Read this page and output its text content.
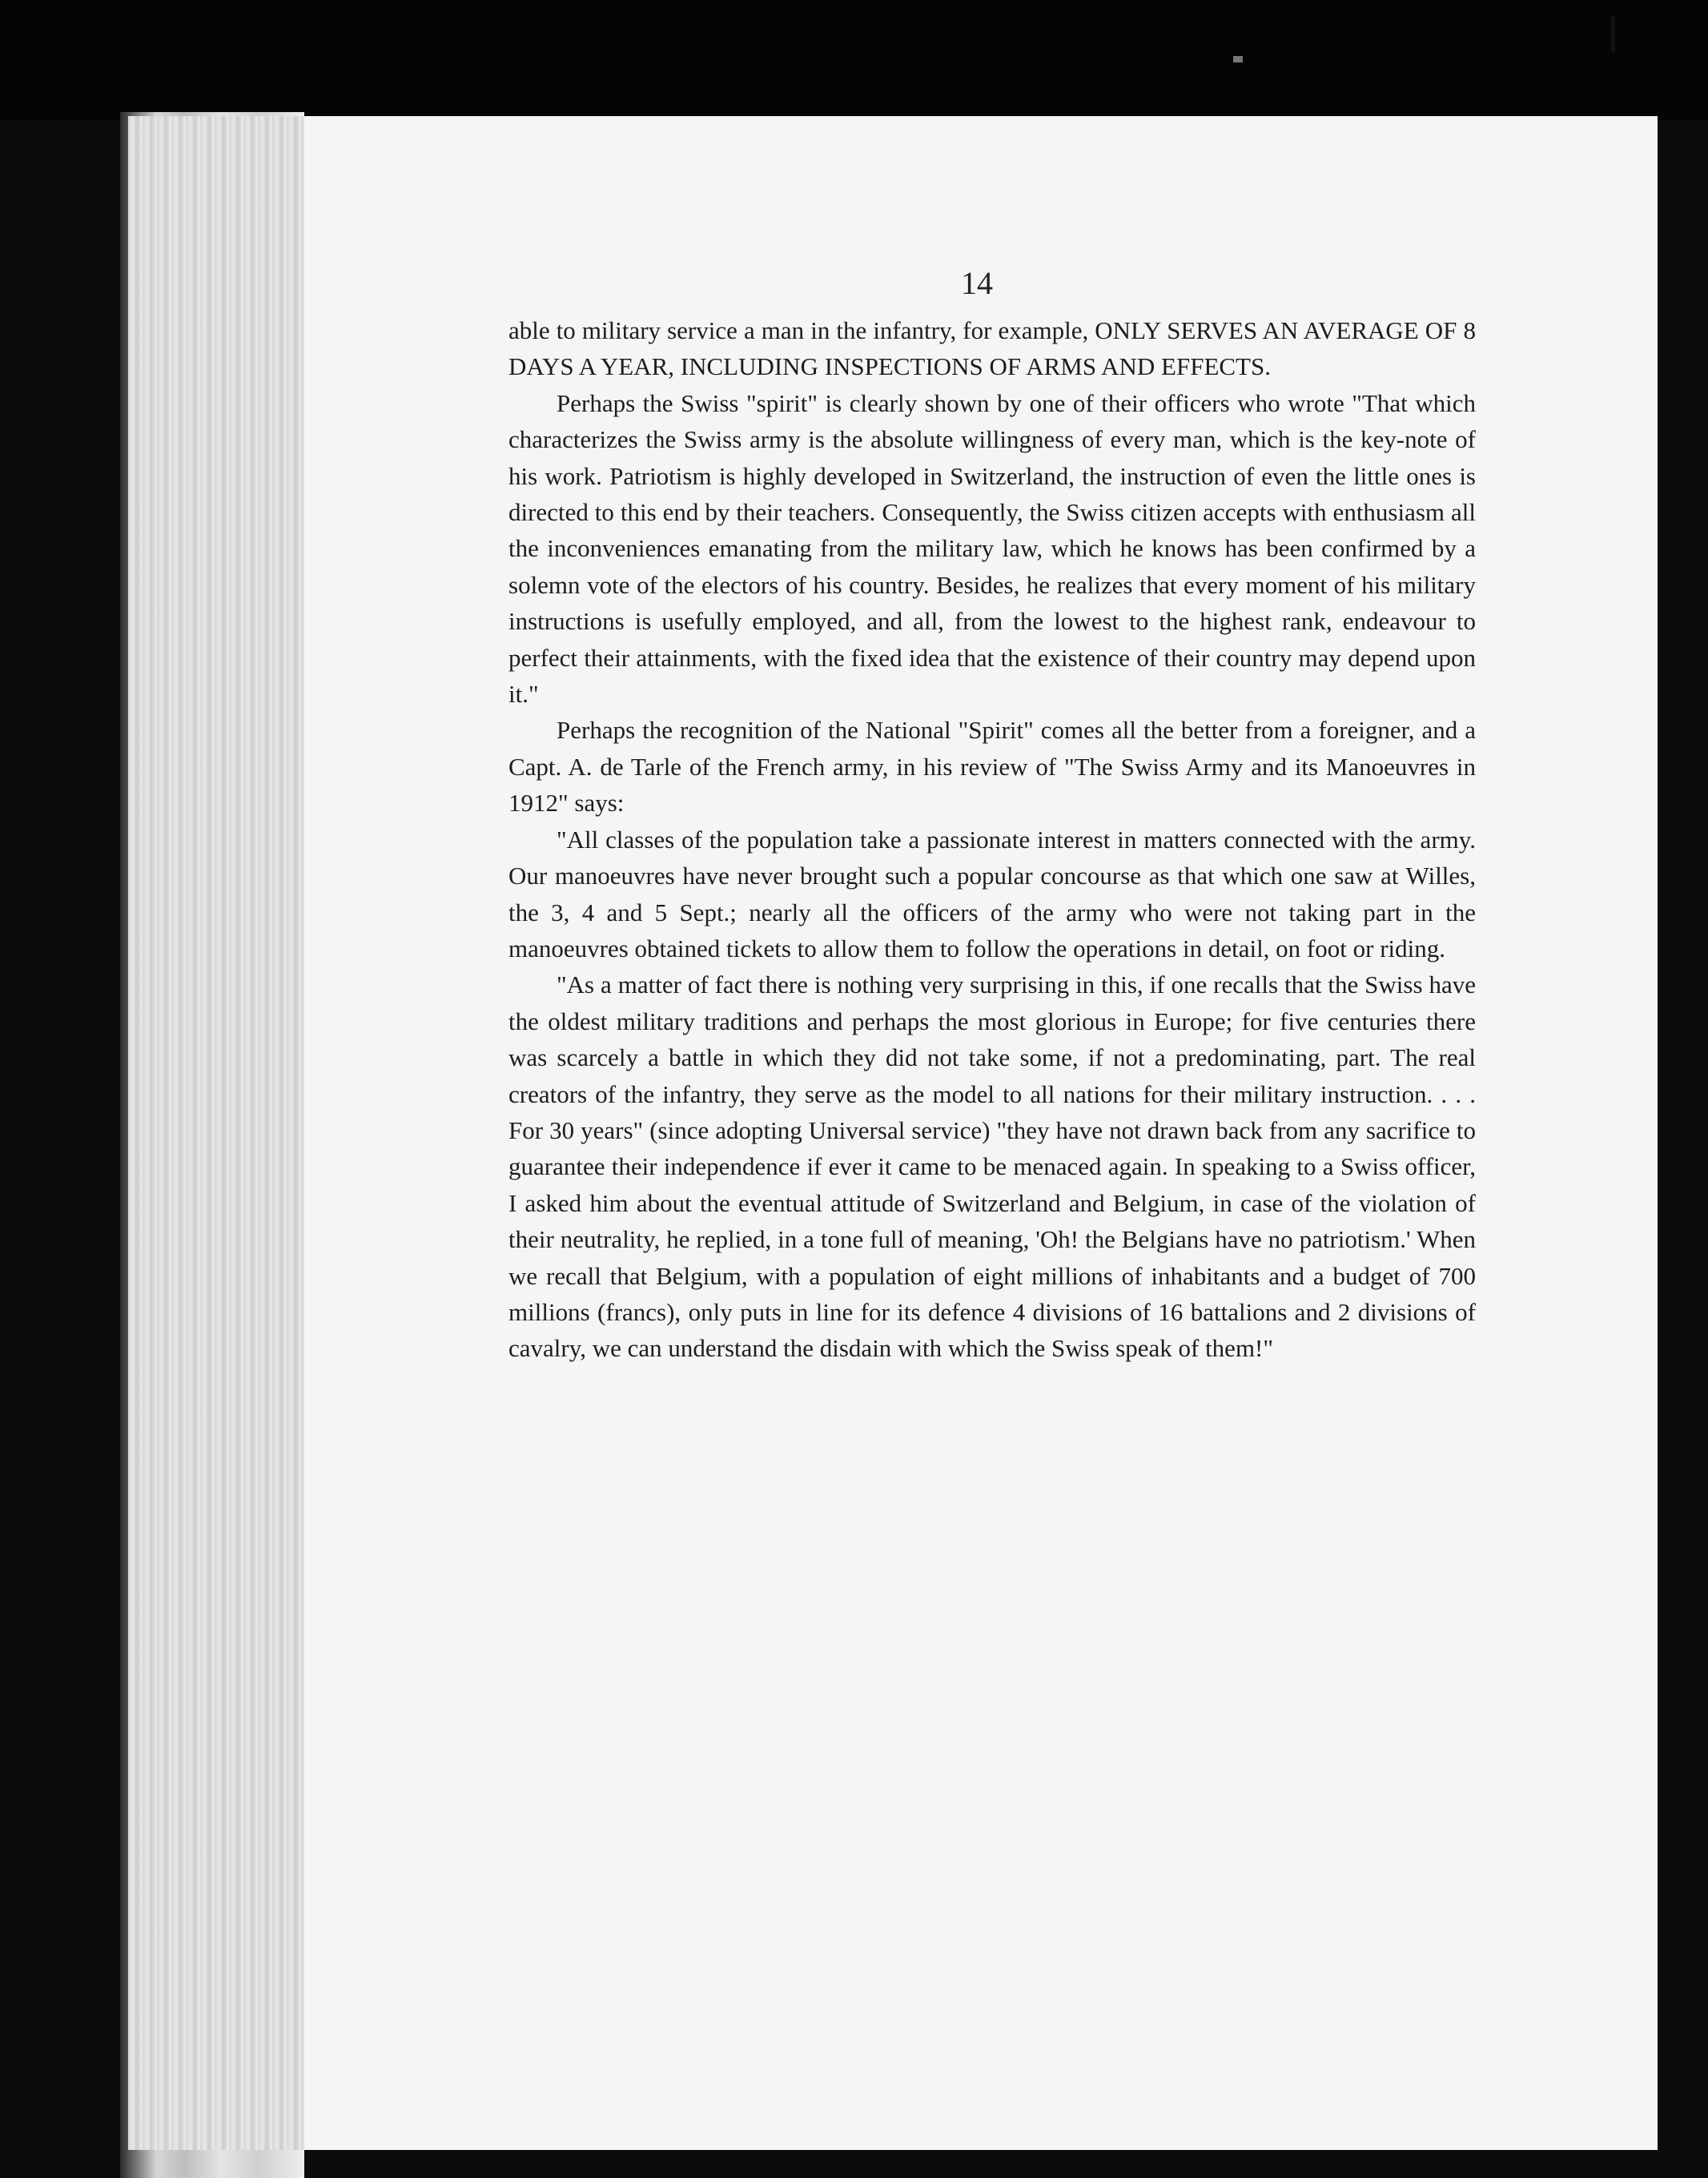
14

able to military service a man in the infantry, for example, ONLY SERVES AN AVERAGE OF 8 DAYS A YEAR, INCLUDING INSPECTIONS OF ARMS AND EFFECTS.

Perhaps the Swiss "spirit" is clearly shown by one of their officers who wrote "That which characterizes the Swiss army is the absolute willingness of every man, which is the key-note of his work. Patriotism is highly developed in Switzerland, the instruction of even the little ones is directed to this end by their teachers. Consequently, the Swiss citizen accepts with enthusiasm all the inconveniences emanating from the military law, which he knows has been confirmed by a solemn vote of the electors of his country. Besides, he realizes that every moment of his military instructions is usefully employed, and all, from the lowest to the highest rank, endeavour to perfect their attainments, with the fixed idea that the existence of their country may depend upon it."

Perhaps the recognition of the National "Spirit" comes all the better from a foreigner, and a Capt. A. de Tarle of the French army, in his review of "The Swiss Army and its Manoeuvres in 1912" says:

"All classes of the population take a passionate interest in matters connected with the army. Our manoeuvres have never brought such a popular concourse as that which one saw at Willes, the 3, 4 and 5 Sept.; nearly all the officers of the army who were not taking part in the manoeuvres obtained tickets to allow them to follow the operations in detail, on foot or riding.

"As a matter of fact there is nothing very surprising in this, if one recalls that the Swiss have the oldest military traditions and perhaps the most glorious in Europe; for five centuries there was scarcely a battle in which they did not take some, if not a predominating, part. The real creators of the infantry, they serve as the model to all nations for their military instruction. . . . For 30 years" (since adopting Universal service) "they have not drawn back from any sacrifice to guarantee their independence if ever it came to be menaced again. In speaking to a Swiss officer, I asked him about the eventual attitude of Switzerland and Belgium, in case of the violation of their neutrality, he replied, in a tone full of meaning, 'Oh! the Belgians have no patriotism.' When we recall that Belgium, with a population of eight millions of inhabitants and a budget of 700 millions (francs), only puts in line for its defence 4 divisions of 16 battalions and 2 divisions of cavalry, we can understand the disdain with which the Swiss speak of them!"
